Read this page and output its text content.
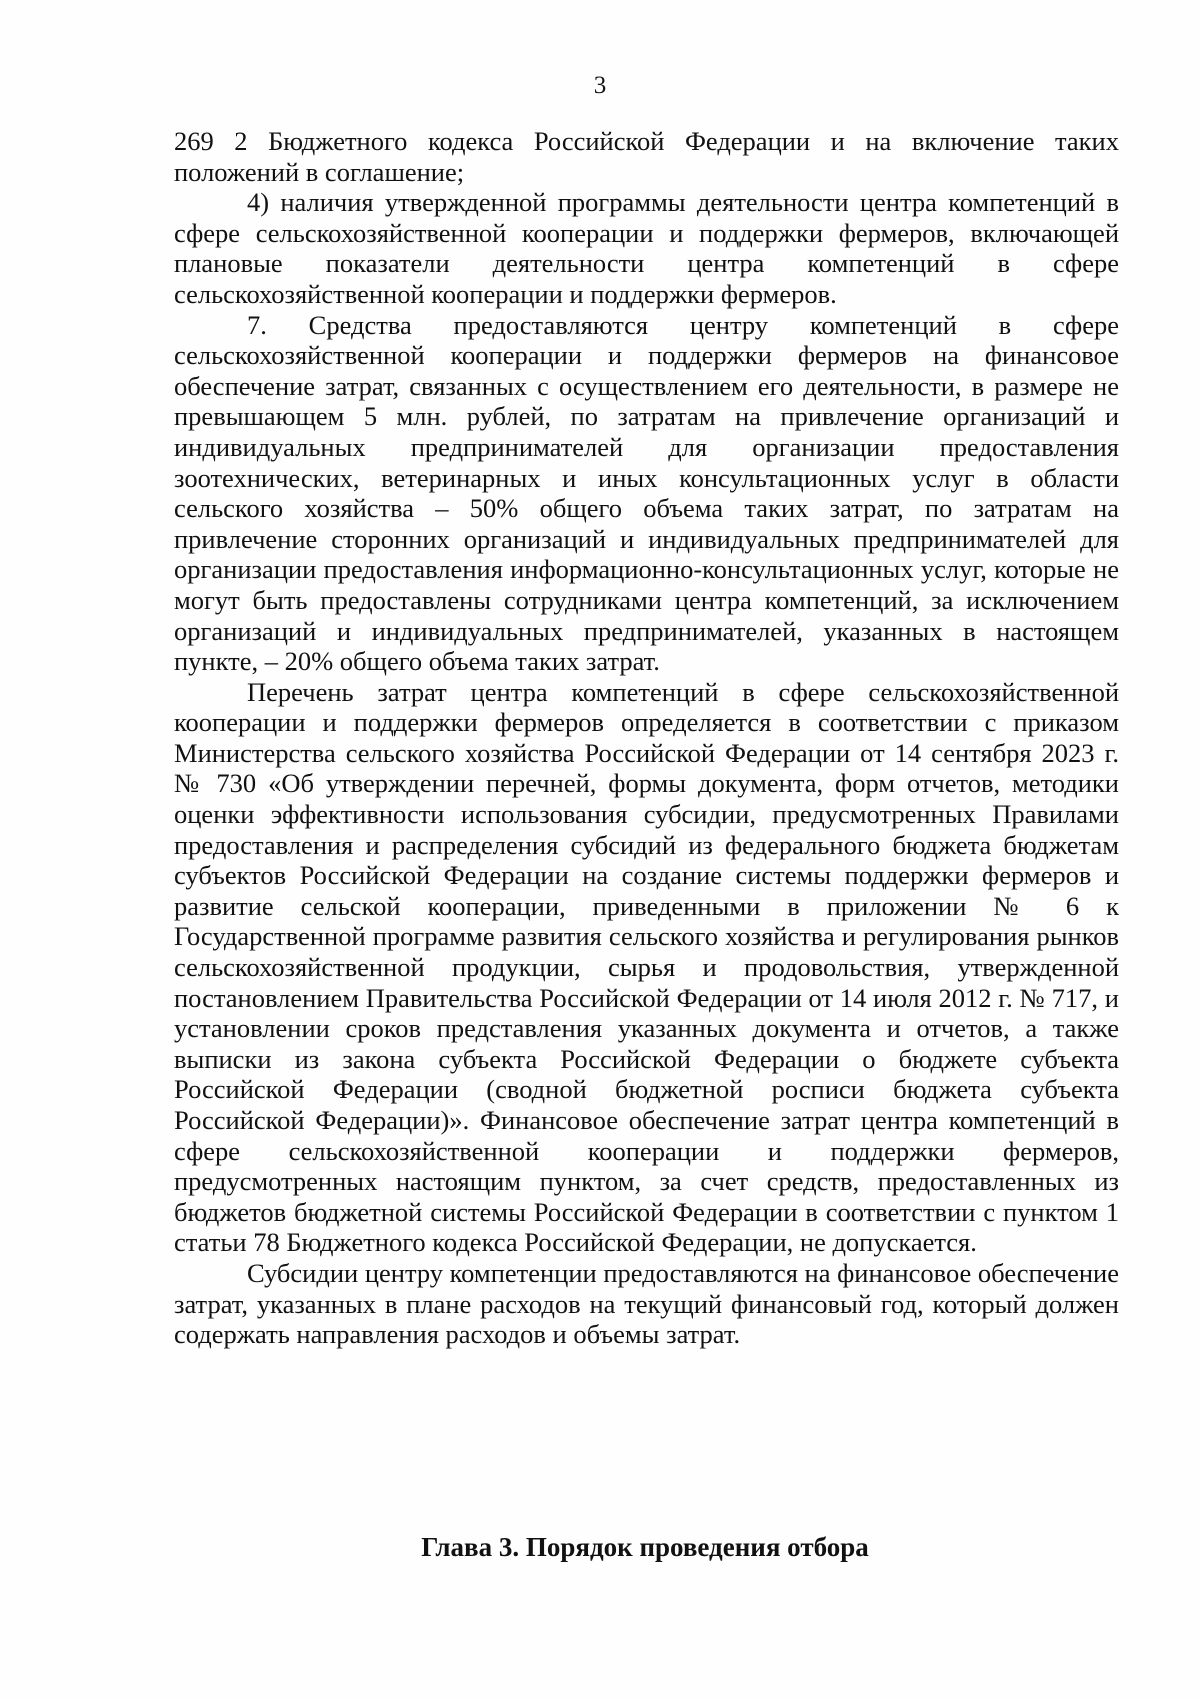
3

269 2 Бюджетного кодекса Российской Федерации и на включение таких положений в соглашение;

4) наличия утвержденной программы деятельности центра компетенций в сфере сельскохозяйственной кооперации и поддержки фермеров, включающей плановые показатели деятельности центра компетенций в сфере сельскохозяйственной кооперации и поддержки фермеров.

7. Средства предоставляются центру компетенций в сфере сельскохозяйственной кооперации и поддержки фермеров на финансовое обеспечение затрат, связанных с осуществлением его деятельности, в размере не превышающем 5 млн. рублей, по затратам на привлечение организаций и индивидуальных предпринимателей для организации предоставления зоотехнических, ветеринарных и иных консультационных услуг в области сельского хозяйства – 50% общего объема таких затрат, по затратам на привлечение сторонних организаций и индивидуальных предпринимателей для организации предоставления информационно-консультационных услуг, которые не могут быть предоставлены сотрудниками центра компетенций, за исключением организаций и индивидуальных предпринимателей, указанных в настоящем пункте, – 20% общего объема таких затрат.

Перечень затрат центра компетенций в сфере сельскохозяйственной кооперации и поддержки фермеров определяется в соответствии с приказом Министерства сельского хозяйства Российской Федерации от 14 сентября 2023 г. № 730 «Об утверждении перечней, формы документа, форм отчетов, методики оценки эффективности использования субсидии, предусмотренных Правилами предоставления и распределения субсидий из федерального бюджета бюджетам субъектов Российской Федерации на создание системы поддержки фермеров и развитие сельской кооперации, приведенными в приложении № 6 к Государственной программе развития сельского хозяйства и регулирования рынков сельскохозяйственной продукции, сырья и продовольствия, утвержденной постановлением Правительства Российской Федерации от 14 июля 2012 г. № 717, и установлении сроков представления указанных документа и отчетов, а также выписки из закона субъекта Российской Федерации о бюджете субъекта Российской Федерации (сводной бюджетной росписи бюджета субъекта Российской Федерации)». Финансовое обеспечение затрат центра компетенций в сфере сельскохозяйственной кооперации и поддержки фермеров, предусмотренных настоящим пунктом, за счет средств, предоставленных из бюджетов бюджетной системы Российской Федерации в соответствии с пунктом 1 статьи 78 Бюджетного кодекса Российской Федерации, не допускается.

Субсидии центру компетенции предоставляются на финансовое обеспечение затрат, указанных в плане расходов на текущий финансовый год, который должен содержать направления расходов и объемы затрат.

Глава 3. Порядок проведения отбора
